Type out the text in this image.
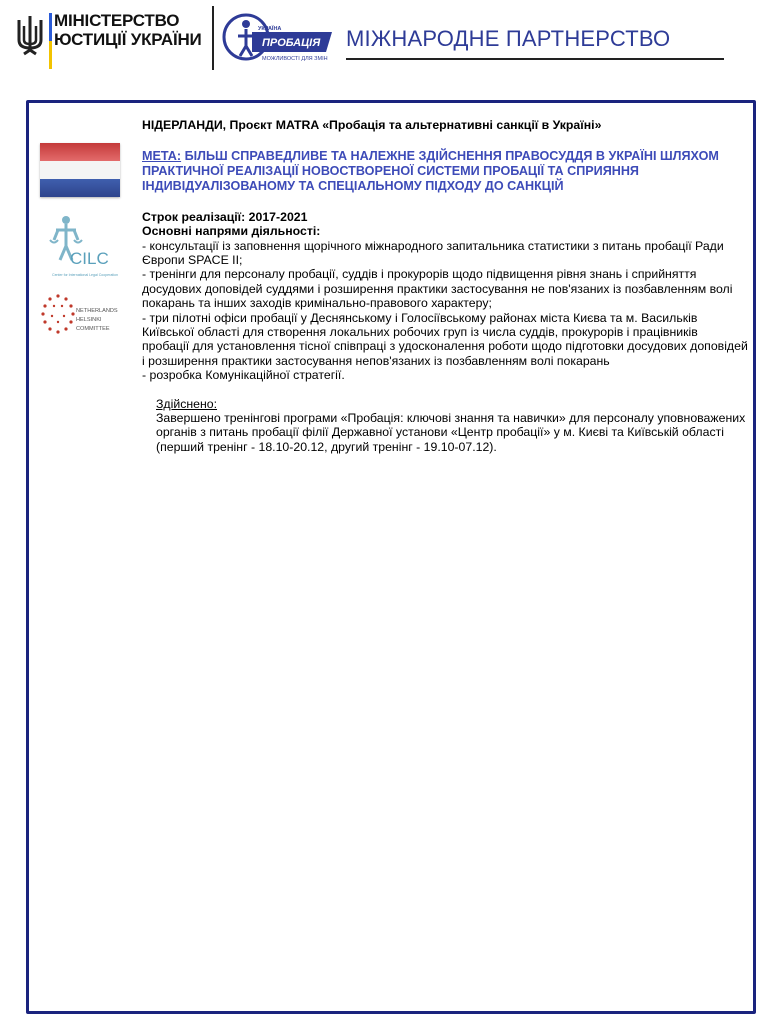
МІНІСТЕРСТВО
ЮСТИЦІЇ УКРАЇНИ
УКРАЇНА
ПРОБАЦІЯ
МОЖЛИВОСТІ ДЛЯ ЗМІН
МІЖНАРОДНЕ ПАРТНЕРСТВО
CILC
Center for International Legal Cooperation
NETHERLANDS
HELSINKI
COMMITTEE

НІДЕРЛАНДИ, Проєкт MATRA «Пробація та альтернативні санкції в Україні»

МЕТА: БІЛЬШ СПРАВЕДЛИВЕ ТА НАЛЕЖНЕ ЗДІЙСНЕННЯ ПРАВОСУДДЯ В УКРАЇНІ ШЛЯХОМ ПРАКТИЧНОЇ РЕАЛІЗАЦІЇ НОВОСТВОРЕНОЇ СИСТЕМИ ПРОБАЦІЇ ТА СПРИЯННЯ ІНДИВІДУАЛІЗОВАНОМУ ТА СПЕЦІАЛЬНОМУ ПІДХОДУ ДО САНКЦІЙ
Строк реалізації: 2017-2021
Основні напрями діяльності:

- консультації із заповнення щорічного міжнародного запитальника статистики з питань пробації Ради Європи SPACE II;

- тренінги для персоналу пробації, суддів і прокурорів щодо підвищення рівня знань і сприйняття досудових доповідей суддями і розширення практики застосування не пов'язаних із позбавленням волі покарань та інших заходів кримінально-правового характеру;

- три пілотні офіси пробації у Деснянському і Голосіївському районах міста Києва та м. Васильків Київської області для створення локальних робочих груп із числа суддів, прокурорів і працівників пробації для установлення тісної співпраці з удосконалення роботи щодо підготовки досудових доповідей і розширення практики застосування непов'язаних із позбавленням волі покарань

- розробка Комунікаційної стратегії.

Здійснено:
Завершено тренінгові програми «Пробація: ключові знання та навички» для персоналу уповноважених органів з питань пробації філії Державної установи «Центр пробації» у м. Києві та Київській області (перший тренінг - 18.10-20.12, другий тренінг - 19.10-07.12).
